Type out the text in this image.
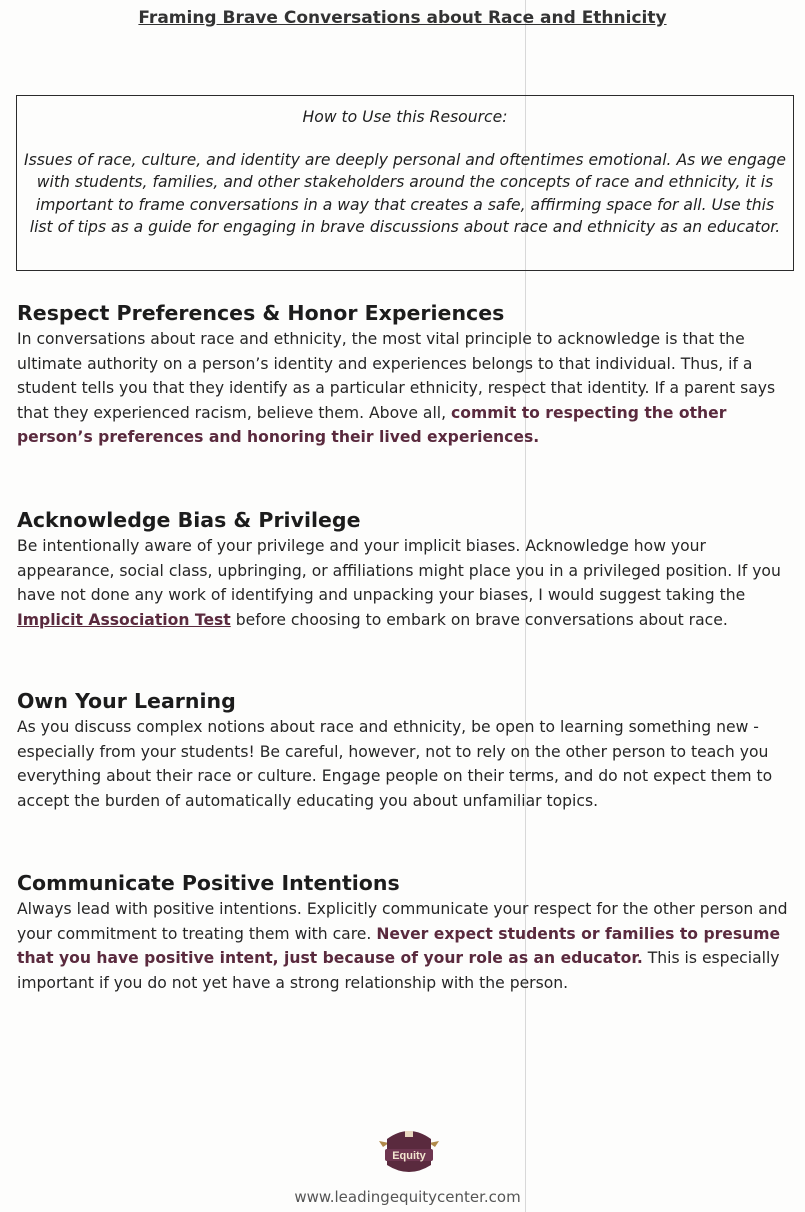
Framing Brave Conversations about Race and Ethnicity
How to Use this Resource:
Issues of race, culture, and identity are deeply personal and oftentimes emotional. As we engage with students, families, and other stakeholders around the concepts of race and ethnicity, it is important to frame conversations in a way that creates a safe, affirming space for all. Use this list of tips as a guide for engaging in brave discussions about race and ethnicity as an educator.
Respect Preferences & Honor Experiences

In conversations about race and ethnicity, the most vital principle to acknowledge is that the ultimate authority on a person’s identity and experiences belongs to that individual. Thus, if a student tells you that they identify as a particular ethnicity, respect that identity. If a parent says that they experienced racism, believe them. Above all, commit to respecting the other person’s preferences and honoring their lived experiences.

Acknowledge Bias & Privilege

Be intentionally aware of your privilege and your implicit biases. Acknowledge how your appearance, social class, upbringing, or affiliations might place you in a privileged position. If you have not done any work of identifying and unpacking your biases, I would suggest taking the Implicit Association Test before choosing to embark on brave conversations about race.

Own Your Learning

As you discuss complex notions about race and ethnicity, be open to learning something new - especially from your students! Be careful, however, not to rely on the other person to teach you everything about their race or culture. Engage people on their terms, and do not expect them to accept the burden of automatically educating you about unfamiliar topics.

Communicate Positive Intentions

Always lead with positive intentions. Explicitly communicate your respect for the other person and your commitment to treating them with care. Never expect students or families to presume that you have positive intent, just because of your role as an educator. This is especially important if you do not yet have a strong relationship with the person.

Equity
www.leadingequitycenter.com
